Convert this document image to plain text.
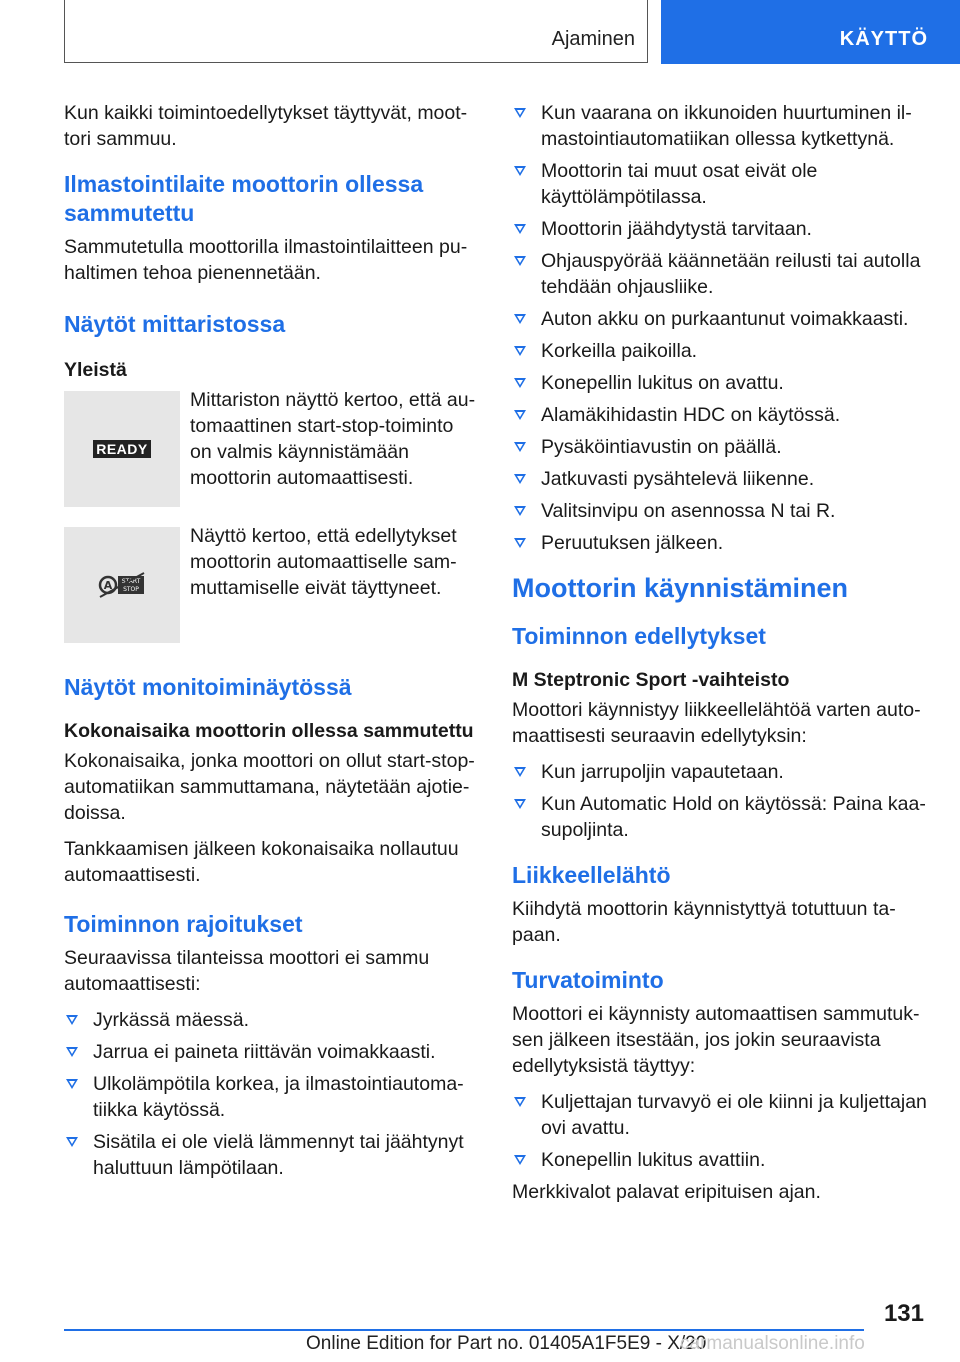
Ajaminen	KÄYTTÖ

Kun kaikki toimintoedellytykset täyttyvät, moottori sammuu.

Ilmastointilaite moottorin ollessa sammutettu

Sammutetulla moottorilla ilmastointilaitteen puhaltimen tehoa pienennetään.

Näytöt mittaristossa
Yleistä
READY

Mittariston näyttö kertoo, että automaattinen start-stop-toiminto on valmis käynnistämään moottorin automaattisesti.

A START
STOP

Näyttö kertoo, että edellytykset moottorin automaattiselle sammuttamiselle eivät täyttyneet.

Näytöt monitoiminäytössä
Kokonaisaika moottorin ollessa sammutettu

Kokonaisaika, jonka moottori on ollut start-stop-automatiikan sammuttamana, näytetään ajotiedoissa.

Tankkaamisen jälkeen kokonaisaika nollautuu automaattisesti.

Toiminnon rajoitukset

Seuraavissa tilanteissa moottori ei sammu automaattisesti:

Jyrkässä mäessä.
Jarrua ei paineta riittävän voimakkaasti.
Ulkolämpötila korkea, ja ilmastointiautomatiikka käytössä.
Sisätila ei ole vielä lämmennyt tai jäähtynyt haluttuun lämpötilaan.
Kun vaarana on ikkunoiden huurtuminen ilmastointiautomatiikan ollessa kytkettynä.
Moottorin tai muut osat eivät ole käyttölämpötilassa.
Moottorin jäähdytystä tarvitaan.
Ohjauspyörää käännetään reilusti tai autolla tehdään ohjausliike.
Auton akku on purkaantunut voimakkaasti.
Korkeilla paikoilla.
Konepellin lukitus on avattu.
Alamäkihidastin HDC on käytössä.
Pysäköintiavustin on päällä.
Jatkuvasti pysähtelevä liikenne.
Valitsinvipu on asennossa N tai R.
Peruutuksen jälkeen.
Moottorin käynnistäminen
Toiminnon edellytykset
M Steptronic Sport -vaihteisto

Moottori käynnistyy liikkeellelähtöä varten automaattisesti seuraavin edellytyksin:

Kun jarrupoljin vapautetaan.
Kun Automatic Hold on käytössä: Paina kaasupoljinta.
Liikkeellelähtö

Kiihdytä moottorin käynnistyttyä totuttuun tapaan.

Turvatoiminto

Moottori ei käynnisty automaattisen sammutuksen jälkeen itsestään, jos jokin seuraavista edellytyksistä täyttyy:

Kuljettajan turvavyö ei ole kiinni ja kuljettajan ovi avattu.
Konepellin lukitus avattiin.

Merkkivalot palavat eripituisen ajan.

131
Online Edition for Part no. 01405A1F5E9 - X/20
carmanualsonline.info
